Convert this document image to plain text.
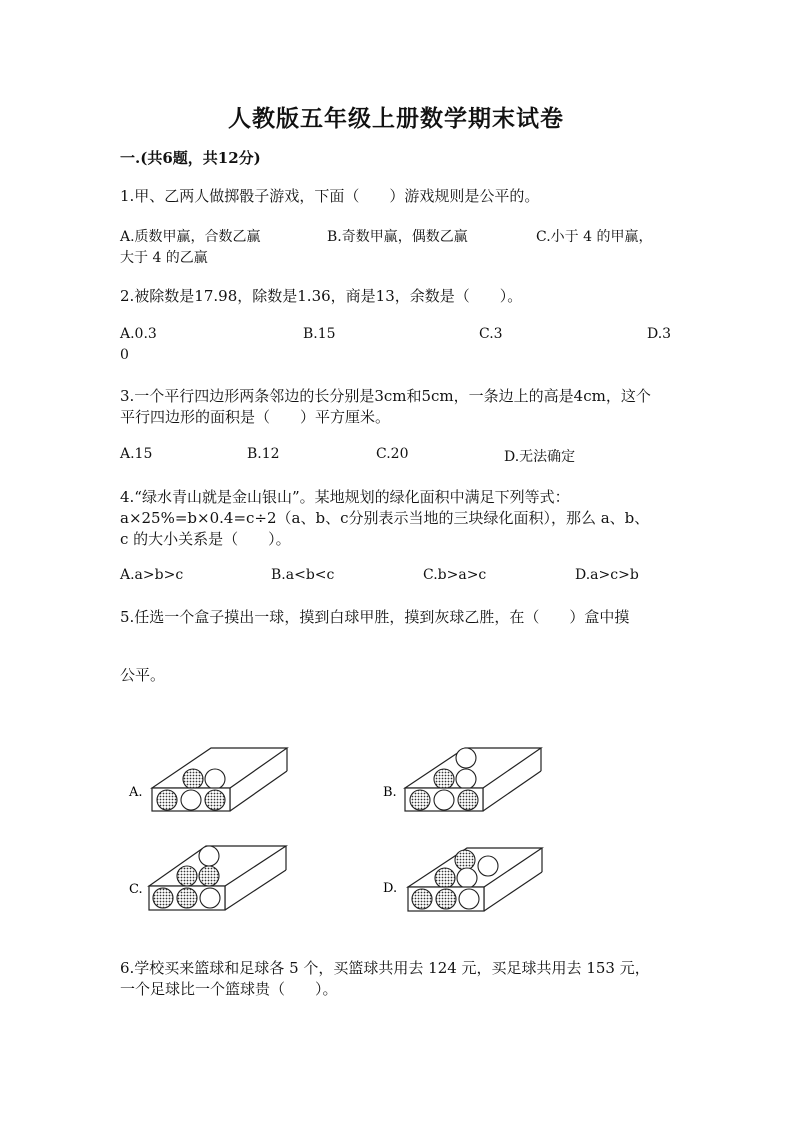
人教版五年级上册数学期末试卷
一.(共6题，共12分)
1.甲、乙两人做掷骰子游戏，下面（　　）游戏规则是公平的。
A.质数甲赢，合数乙赢	B.奇数甲赢，偶数乙赢	C.小于 4 的甲赢，
大于 4 的乙赢
2.被除数是17.98，除数是1.36，商是13，余数是（　　）。
A.0.3	B.15	C.3	D.3
0
3.一个平行四边形两条邻边的长分别是3cm和5cm，一条边上的高是4cm，这个
平行四边形的面积是（　　）平方厘米。
A.15	B.12	C.20	D.无法确定
4.“绿水青山就是金山银山”。某地规划的绿化面积中满足下列等式：
a×25%=b×0.4=c÷2（a、b、c分别表示当地的三块绿化面积），那么 a、b、
c 的大小关系是（　　）。
A.a>b>c	B.a<b<c	C.b>a>c	D.a>c>b
5.任选一个盒子摸出一球，摸到白球甲胜，摸到灰球乙胜，在（　　）盒中摸
公平。
A.	B.
C.	D.
6.学校买来篮球和足球各 5 个，买篮球共用去 124 元，买足球共用去 153 元，
一个足球比一个篮球贵（　　）。
